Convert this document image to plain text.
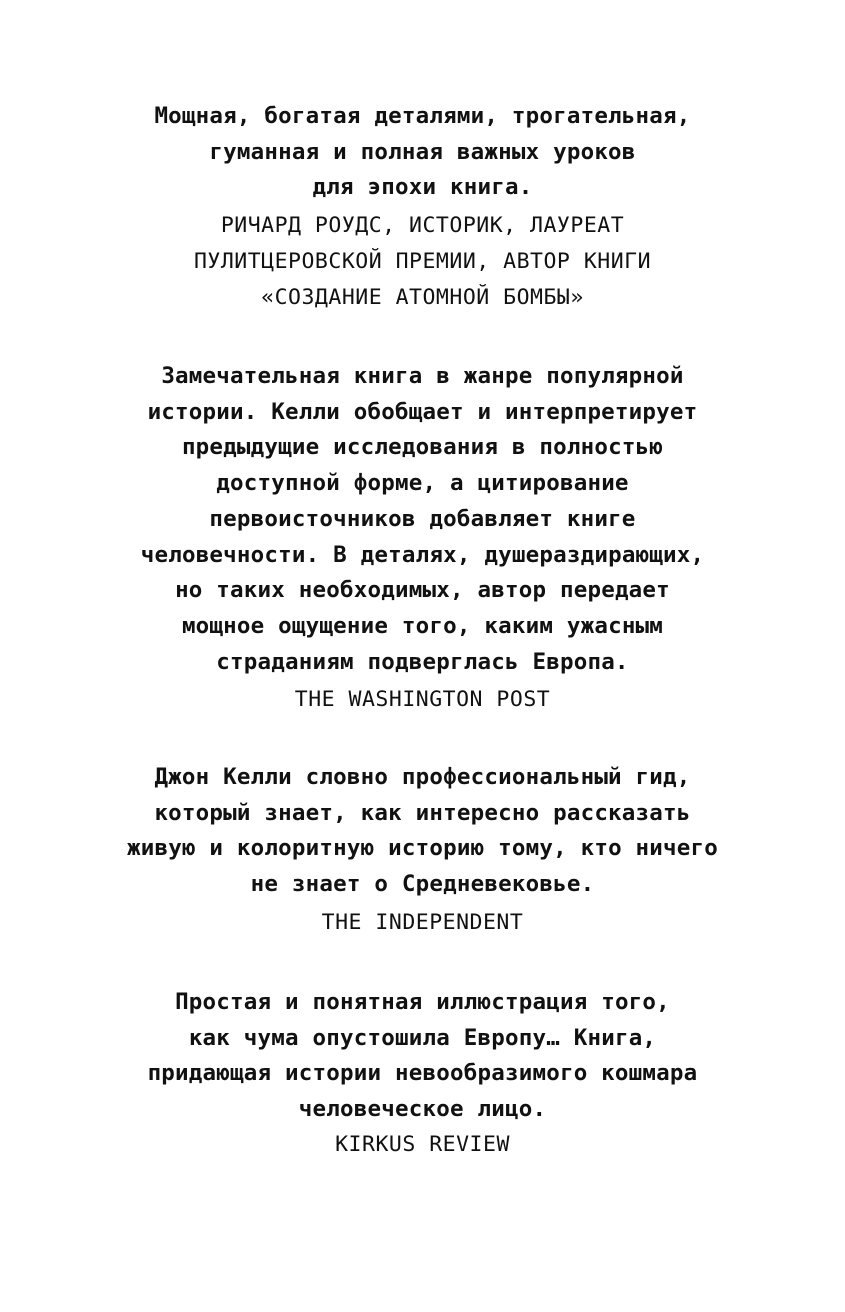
Мощная, богатая деталями, трогательная,
гуманная и полная важных уроков
для эпохи книга.
РИЧАРД РОУДС, ИСТОРИК, ЛАУРЕАТ
ПУЛИТЦЕРОВСКОЙ ПРЕМИИ, АВТОР КНИГИ
«СОЗДАНИЕ АТОМНОЙ БОМБЫ»
Замечательная книга в жанре популярной
истории. Келли обобщает и интерпретирует
предыдущие исследования в полностью
доступной форме, а цитирование
первоисточников добавляет книге
человечности. В деталях, душераздирающих,
но таких необходимых, автор передает
мощное ощущение того, каким ужасным
страданиям подверглась Европа.
THE WASHINGTON POST
Джон Келли словно профессиональный гид,
который знает, как интересно рассказать
живую и колоритную историю тому, кто ничего
не знает о Средневековье.
THE INDEPENDENT
Простая и понятная иллюстрация того,
как чума опустошила Европу… Книга,
придающая истории невообразимого кошмара
человеческое лицо.
KIRKUS REVIEW
